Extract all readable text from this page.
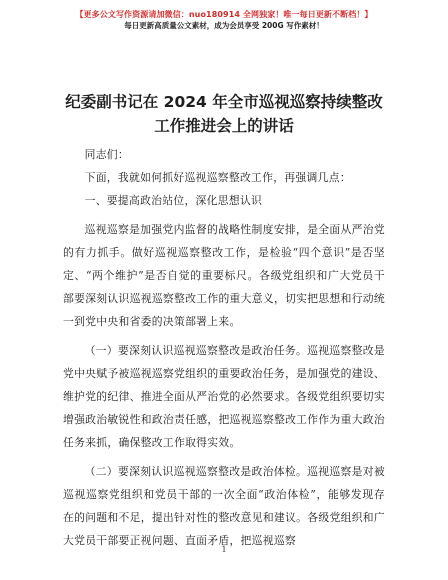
【更多公文写作资源请加微信：nuo180914 全网独家！唯一每日更新不断档！】
每日更新高质量公文素材，成为会员享受 200G 写作素材！
纪委副书记在 2024 年全市巡视巡察持续整改工作推进会上的讲话

同志们：

下面，我就如何抓好巡视巡察整改工作，再强调几点：

一、要提高政治站位，深化思想认识

巡视巡察是加强党内监督的战略性制度安排，是全面从严治党的有力抓手。做好巡视巡察整改工作，是检验“四个意识”是否坚定、“两个维护”是否自觉的重要标尺。各级党组织和广大党员干部要深刻认识巡视巡察整改工作的重大意义，切实把思想和行动统一到党中央和省委的决策部署上来。

（一）要深刻认识巡视巡察整改是政治任务。巡视巡察整改是党中央赋予被巡视巡察党组织的重要政治任务，是加强党的建设、维护党的纪律、推进全面从严治党的必然要求。各级党组织要切实增强政治敏锐性和政治责任感，把巡视巡察整改工作作为重大政治任务来抓，确保整改工作取得实效。

（二）要深刻认识巡视巡察整改是政治体检。巡视巡察是对被巡视巡察党组织和党员干部的一次全面“政治体检”，能够发现存在的问题和不足，提出针对性的整改意见和建议。各级党组织和广大党员干部要正视问题、直面矛盾，把巡视巡察

1
